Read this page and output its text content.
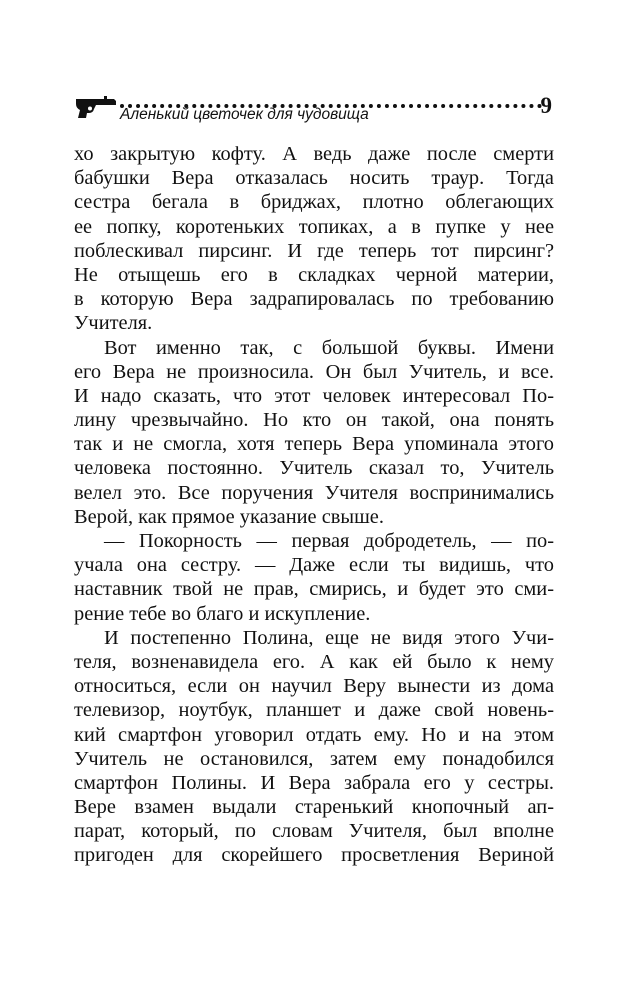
9
Аленький цветочек для чудовища
хо закрытую кофту. А ведь даже после смерти
бабушки Вера отказалась носить траур. Тогда
сестра бегала в бриджах, плотно облегающих
ее попку, коротеньких топиках, а в пупке у нее
поблескивал пирсинг. И где теперь тот пирсинг?
Не отыщешь его в складках черной материи,
в которую Вера задрапировалась по требованию
Учителя.
Вот именно так, с большой буквы. Имени
его Вера не произносила. Он был Учитель, и все.
И надо сказать, что этот человек интересовал По-
лину чрезвычайно. Но кто он такой, она понять
так и не смогла, хотя теперь Вера упоминала этого
человека постоянно. Учитель сказал то, Учитель
велел это. Все поручения Учителя воспринимались
Верой, как прямое указание свыше.
— Покорность — первая добродетель, — по-
учала она сестру. — Даже если ты видишь, что
наставник твой не прав, смирись, и будет это сми-
рение тебе во благо и искупление.
И постепенно Полина, еще не видя этого Учи-
теля, возненавидела его. А как ей было к нему
относиться, если он научил Веру вынести из дома
телевизор, ноутбук, планшет и даже свой новень-
кий смартфон уговорил отдать ему. Но и на этом
Учитель не остановился, затем ему понадобился
смартфон Полины. И Вера забрала его у сестры.
Вере взамен выдали старенький кнопочный ап-
парат, который, по словам Учителя, был вполне
пригоден для скорейшего просветления Вериной
